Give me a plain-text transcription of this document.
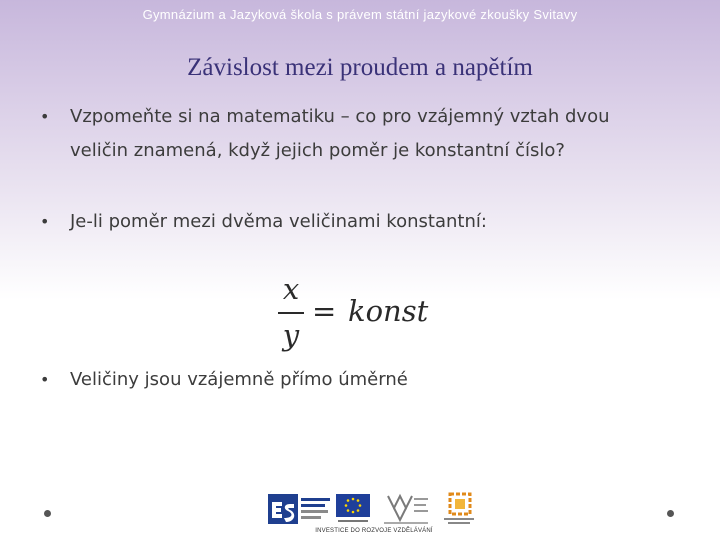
Gymnázium a Jazyková škola s právem státní jazykové zkoušky Svitavy
Závislost mezi proudem a napětím
• Vzpomeňte si na matematiku – co pro vzájemný vztah dvou veličin znamená, když jejich poměr je konstantní číslo?
• Je-li poměr mezi dvěma veličinami konstantní:
x
y
= konst
• Veličiny jsou vzájemně přímo úměrné
INVESTICE DO ROZVOJE VZDĚLÁVÁNÍ
